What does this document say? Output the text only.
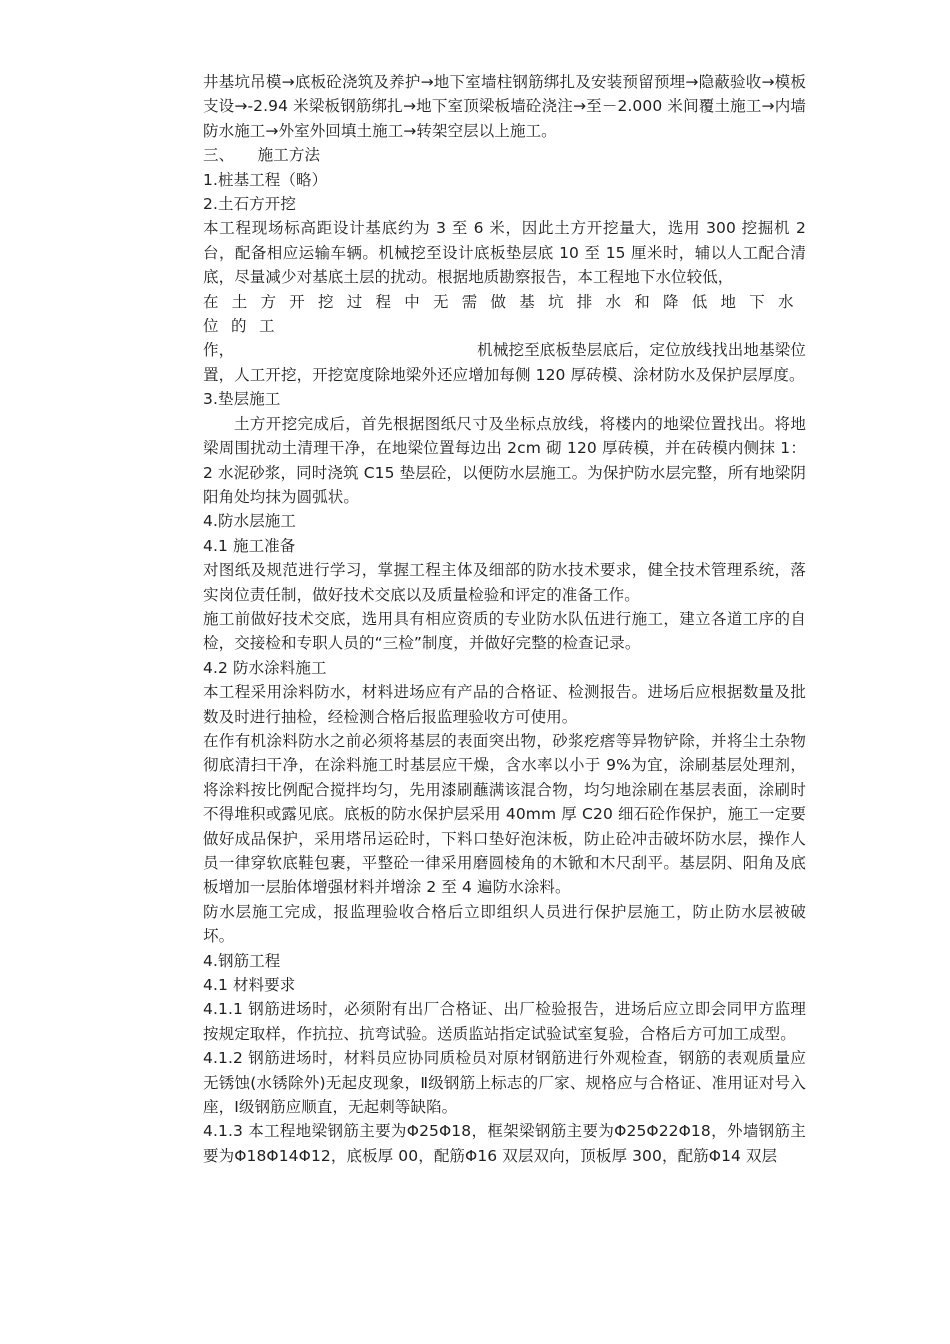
井基坑吊模→底板砼浇筑及养护→地下室墙柱钢筋绑扎及安装预留预埋→隐蔽验收→模板支设→-2.94 米梁板钢筋绑扎→地下室顶梁板墙砼浇注→至－2.000 米间覆土施工→内墙防水施工→外室外回填土施工→转架空层以上施工。

三、　　施工方法

1.桩基工程（略）

2.土石方开挖

本工程现场标高距设计基底约为 3 至 6 米，因此土方开挖量大，选用 300 挖掘机 2 台，配备相应运输车辆。机械挖至设计底板垫层底 10 至 15 厘米时，辅以人工配合清底，尽量减少对基底土层的扰动。根据地质勘察报告，本工程地下水位较低，

在土方开挖过程中无需做基坑排水和降低地下水位的工

作，　　　　　　　　　　　　　　　　机械挖至底板垫层底后，定位放线找出地基梁位置，人工开挖，开挖宽度除地梁外还应增加每侧 120 厚砖模、涂材防水及保护层厚度。

3.垫层施工

土方开挖完成后，首先根据图纸尺寸及坐标点放线，将楼内的地梁位置找出。将地梁周围扰动土清理干净，在地梁位置每边出 2cm 砌 120 厚砖模，并在砖模内侧抹 1：2 水泥砂浆，同时浇筑 C15 垫层砼，以便防水层施工。为保护防水层完整，所有地梁阴阳角处均抹为圆弧状。

4.防水层施工

4.1 施工准备

对图纸及规范进行学习，掌握工程主体及细部的防水技术要求，健全技术管理系统，落实岗位责任制，做好技术交底以及质量检验和评定的准备工作。

施工前做好技术交底，选用具有相应资质的专业防水队伍进行施工，建立各道工序的自检，交接检和专职人员的“三检”制度，并做好完整的检查记录。

4.2 防水涂料施工

本工程采用涂料防水，材料进场应有产品的合格证、检测报告。进场后应根据数量及批数及时进行抽检，经检测合格后报监理验收方可使用。

在作有机涂料防水之前必须将基层的表面突出物，砂浆疙瘩等异物铲除，并将尘土杂物彻底清扫干净，在涂料施工时基层应干燥，含水率以小于 9%为宜，涂刷基层处理剂，将涂料按比例配合搅拌均匀，先用漆刷蘸满该混合物，均匀地涂刷在基层表面，涂刷时不得堆积或露见底。底板的防水保护层采用 40mm 厚 C20 细石砼作保护，施工一定要做好成品保护，采用塔吊运砼时，下料口垫好泡沫板，防止砼冲击破坏防水层，操作人员一律穿软底鞋包裹，平整砼一律采用磨圆棱角的木锨和木尺刮平。基层阴、阳角及底板增加一层胎体增强材料并增涂 2 至 4 遍防水涂料。

防水层施工完成，报监理验收合格后立即组织人员进行保护层施工，防止防水层被破坏。

4.钢筋工程

4.1 材料要求

4.1.1 钢筋进场时，必须附有出厂合格证、出厂检验报告，进场后应立即会同甲方监理按规定取样，作抗拉、抗弯试验。送质监站指定试验试室复验，合格后方可加工成型。

4.1.2 钢筋进场时，材料员应协同质检员对原材钢筋进行外观检查，钢筋的表观质量应无锈蚀(水锈除外)无起皮现象，Ⅱ级钢筋上标志的厂家、规格应与合格证、准用证对号入座，Ⅰ级钢筋应顺直，无起刺等缺陷。

4.1.3 本工程地梁钢筋主要为Φ25Φ18，框架梁钢筋主要为Φ25Φ22Φ18，外墙钢筋主要为Φ18Φ14Φ12，底板厚 00，配筋Φ16 双层双向，顶板厚 300，配筋Φ14 双层
